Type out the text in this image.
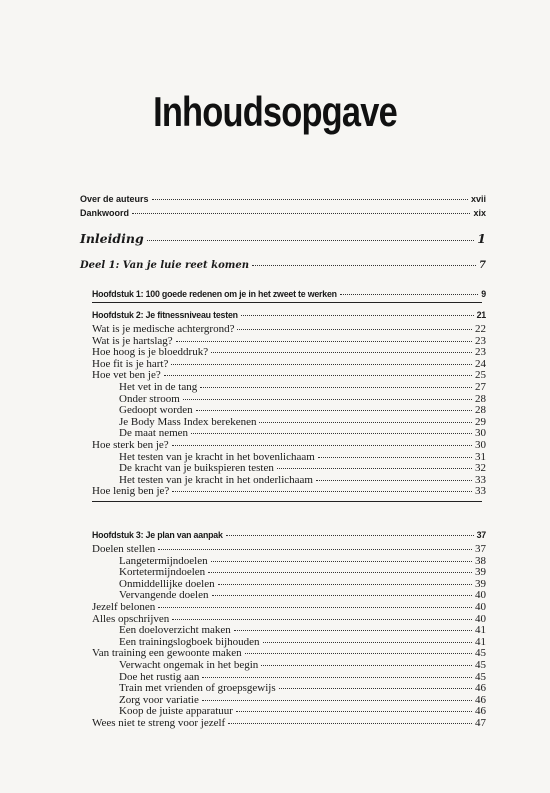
Inhoudsopgave
Over de auteurs	xvii
Dankwoord	xix
Inleiding	1
Deel 1: Van je luie reet komen	7
Hoofdstuk 1: 100 goede redenen om je in het zweet te werken	9
Hoofdstuk 2: Je fitnessniveau testen	21
Wat is je medische achtergrond?	22
Wat is je hartslag?	23
Hoe hoog is je bloeddruk?	23
Hoe fit is je hart?	24
Hoe vet ben je?	25
Het vet in de tang	27
Onder stroom	28
Gedoopt worden	28
Je Body Mass Index berekenen	29
De maat nemen	30
Hoe sterk ben je?	30
Het testen van je kracht in het bovenlichaam	31
De kracht van je buikspieren testen	32
Het testen van je kracht in het onderlichaam	33
Hoe lenig ben je?	33
Hoofdstuk 3: Je plan van aanpak	37
Doelen stellen	37
Langetermijndoelen	38
Kortetermijndoelen	39
Onmiddellijke doelen	39
Vervangende doelen	40
Jezelf belonen	40
Alles opschrijven	40
Een doeloverzicht maken	41
Een trainingslogboek bijhouden	41
Van training een gewoonte maken	45
Verwacht ongemak in het begin	45
Doe het rustig aan	45
Train met vrienden of groepsgewijs	46
Zorg voor variatie	46
Koop de juiste apparatuur	46
Wees niet te streng voor jezelf	47
